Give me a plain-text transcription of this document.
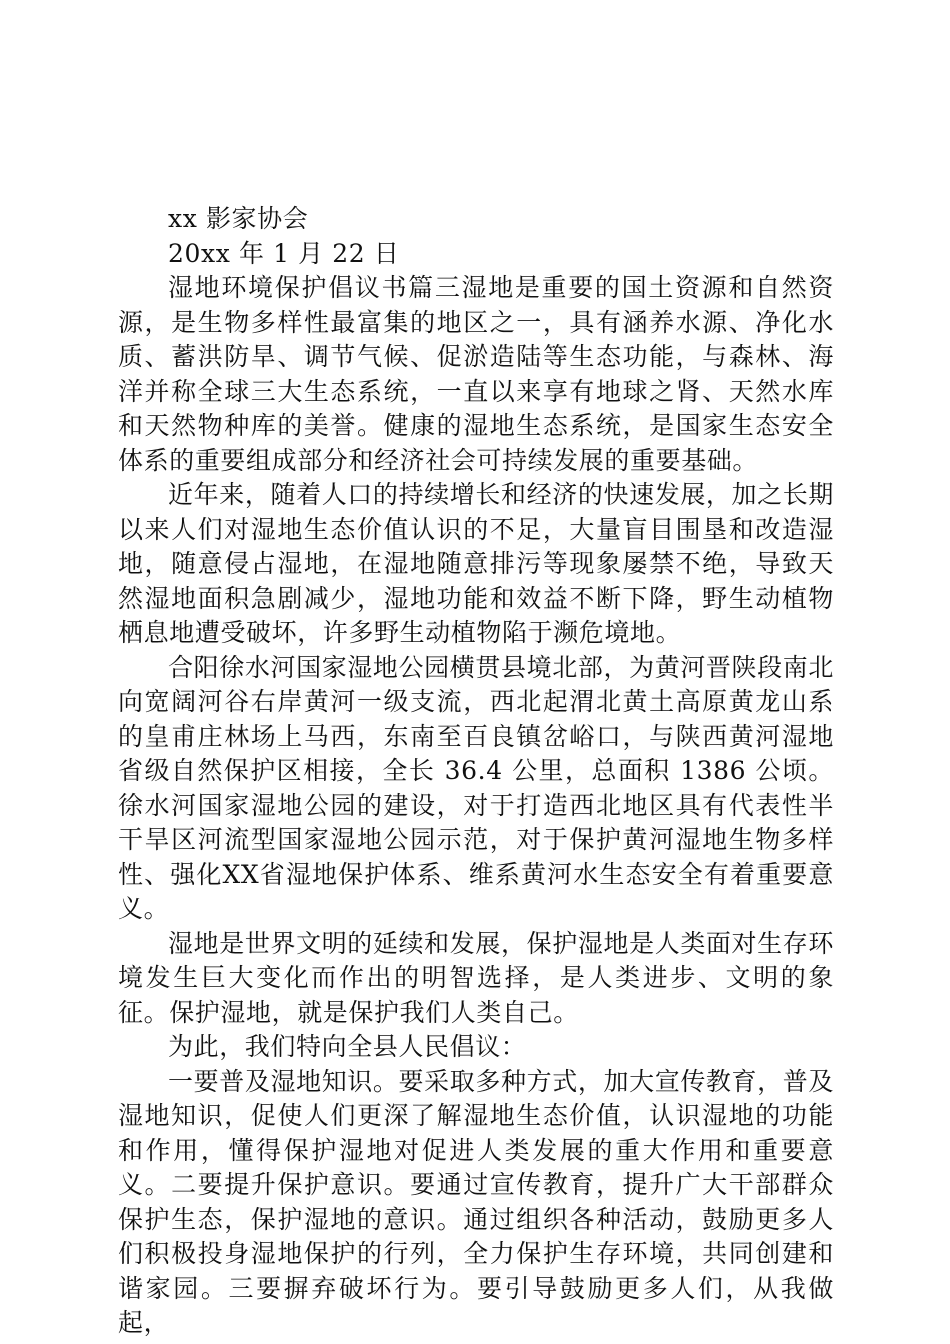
xx 影家协会

20xx 年 1 月 22 日

湿地环境保护倡议书篇三湿地是重要的国土资源和自然资源，是生物多样性最富集的地区之一，具有涵养水源、净化水质、蓄洪防旱、调节气候、促淤造陆等生态功能，与森林、海洋并称全球三大生态系统，一直以来享有地球之肾、天然水库和天然物种库的美誉。健康的湿地生态系统，是国家生态安全体系的重要组成部分和经济社会可持续发展的重要基础。

近年来，随着人口的持续增长和经济的快速发展，加之长期以来人们对湿地生态价值认识的不足，大量盲目围垦和改造湿地，随意侵占湿地，在湿地随意排污等现象屡禁不绝，导致天然湿地面积急剧减少，湿地功能和效益不断下降，野生动植物栖息地遭受破坏，许多野生动植物陷于濒危境地。

合阳徐水河国家湿地公园横贯县境北部，为黄河晋陕段南北向宽阔河谷右岸黄河一级支流，西北起渭北黄土高原黄龙山系的皇甫庄林场上马西，东南至百良镇岔峪口，与陕西黄河湿地省级自然保护区相接，全长 36.4 公里，总面积 1386 公顷。徐水河国家湿地公园的建设，对于打造西北地区具有代表性半干旱区河流型国家湿地公园示范，对于保护黄河湿地生物多样性、强化XX省湿地保护体系、维系黄河水生态安全有着重要意义。

湿地是世界文明的延续和发展，保护湿地是人类面对生存环境发生巨大变化而作出的明智选择，是人类进步、文明的象征。保护湿地，就是保护我们人类自己。

为此，我们特向全县人民倡议：

一要普及湿地知识。要采取多种方式，加大宣传教育，普及湿地知识，促使人们更深了解湿地生态价值，认识湿地的功能和作用，懂得保护湿地对促进人类发展的重大作用和重要意义。二要提升保护意识。要通过宣传教育，提升广大干部群众保护生态，保护湿地的意识。通过组织各种活动，鼓励更多人们积极投身湿地保护的行列，全力保护生存环境，共同创建和谐家园。三要摒弃破坏行为。要引导鼓励更多人们，从我做起，
